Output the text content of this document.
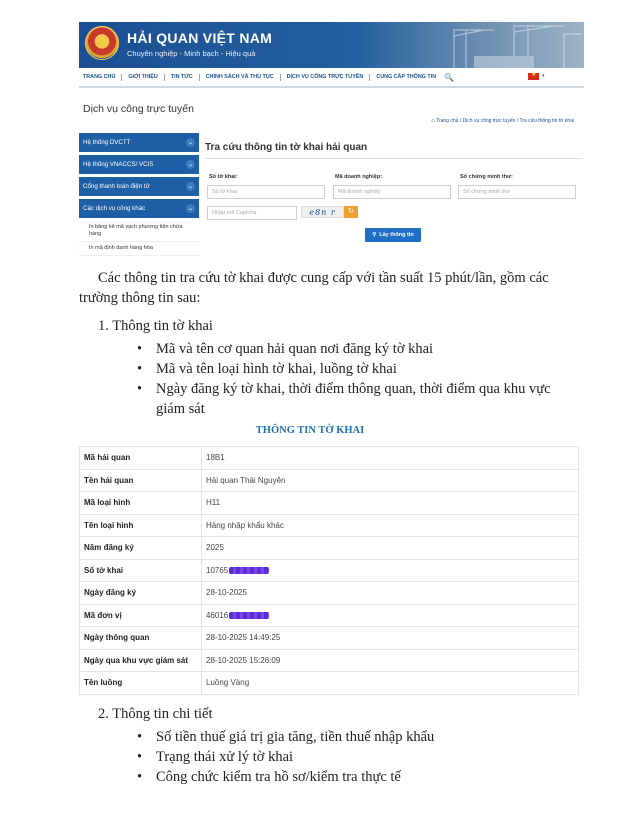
HẢI QUAN VIỆT NAM
Chuyên nghiệp - Minh bạch - Hiệu quả
TRANG CHỦ GIỚI THIỆU TIN TỨC CHÍNH SÁCH VÀ THỦ TỤC DỊCH VỤ CÔNG TRỰC TUYẾN CUNG CẤP THÔNG TIN 🔍 ★	▾
Dịch vụ công trực tuyến
⌂ Trang chủ / Dịch vụ công trực tuyến / Tra cứu thông tin tờ khai
Hệ thống DVCTT	⌄
Hệ thống VNACCS/ VCIS	⌄
Cổng thanh toán điện tử	⌄
Các dịch vụ công khác	⌄
In bảng kê mã vạch phương tiện chứa hàng
In mã định danh hàng hóa
Tra cứu thông tin tờ khai hải quan
Số tờ khai:
Số tờ khai
Mã doanh nghiệp:
Mã doanh nghiệp
Số chứng minh thư:
Số chứng minh thư
Nhập mã Captcha	e8n r	↻
⚲ Lấy thông tin

Các thông tin tra cứu tờ khai được cung cấp với tần suất 15 phút/lần, gồm các trường thông tin sau:

1. Thông tin tờ khai
• Mã và tên cơ quan hải quan nơi đăng ký tờ khai
• Mã và tên loại hình tờ khai, luồng tờ khai
• Ngày đăng ký tờ khai, thời điểm thông quan, thời điểm qua khu vực giám sát
THÔNG TIN TỜ KHAI
Mã hải quan	18B1
Tên hải quan	Hải quan Thái Nguyên
Mã loại hình	H11
Tên loại hình	Hàng nhập khẩu khác
Năm đăng ký	2025
Số tờ khai	10765
Ngày đăng ký	28-10-2025
Mã đơn vị	46016
Ngày thông quan	28-10-2025 14:49:25
Ngày qua khu vực giám sát	28-10-2025 15:26:09
Tên luồng	Luồng Vàng
2. Thông tin chi tiết
• Số tiền thuế giá trị gia tăng, tiền thuế nhập khẩu
• Trạng thái xử lý tờ khai
• Công chức kiểm tra hồ sơ/kiểm tra thực tế
